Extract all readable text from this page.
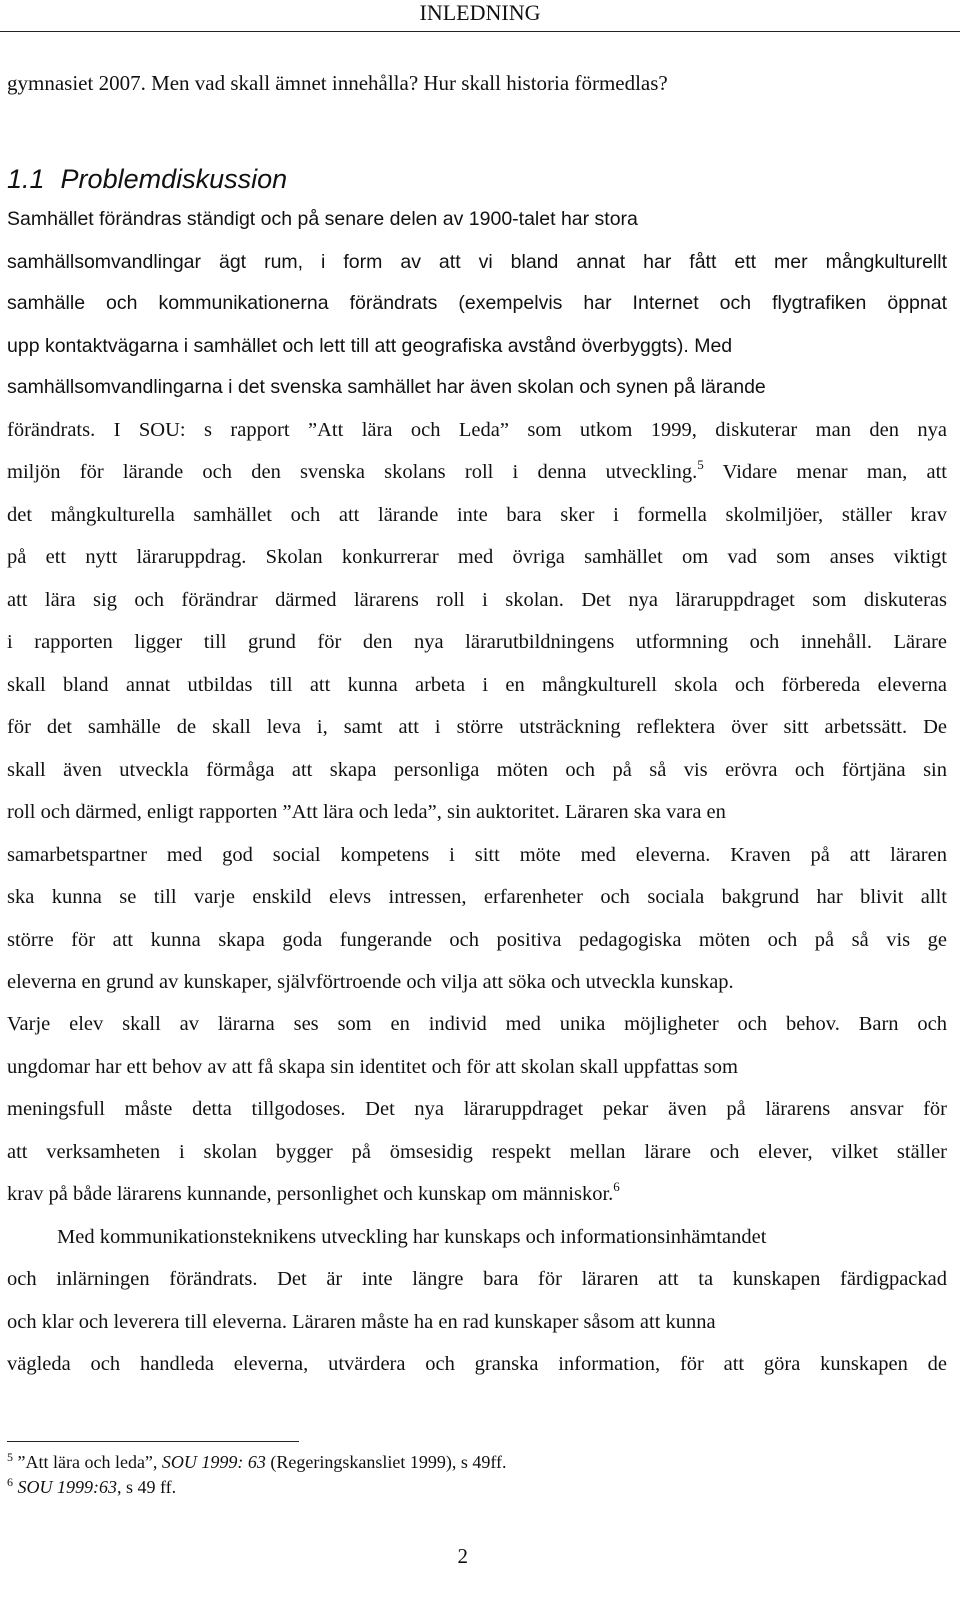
INLEDNING
gymnasiet 2007. Men vad skall ämnet innehålla? Hur skall historia förmedlas?
1.1 Problemdiskussion
Samhället förändras ständigt och på senare delen av 1900-talet har stora
samhällsomvandlingar ägt rum, i form av att vi bland annat har fått ett mer mångkulturellt
samhälle och kommunikationerna förändrats (exempelvis har Internet och flygtrafiken öppnat
upp kontaktvägarna i samhället och lett till att geografiska avstånd överbyggts). Med
samhällsomvandlingarna i det svenska samhället har även skolan och synen på lärande
förändrats. I SOU: s rapport ”Att lära och Leda” som utkom 1999, diskuterar man den nya
miljön för lärande och den svenska skolans roll i denna utveckling.$^5$ Vidare menar man, att
det mångkulturella samhället och att lärande inte bara sker i formella skolmiljöer, ställer krav
på ett nytt läraruppdrag. Skolan konkurrerar med övriga samhället om vad som anses viktigt
att lära sig och förändrar därmed lärarens roll i skolan. Det nya läraruppdraget som diskuteras
i rapporten ligger till grund för den nya lärarutbildningens utformning och innehåll. Lärare
skall bland annat utbildas till att kunna arbeta i en mångkulturell skola och förbereda eleverna
för det samhälle de skall leva i, samt att i större utsträckning reflektera över sitt arbetssätt. De
skall även utveckla förmåga att skapa personliga möten och på så vis erövra och förtjäna sin
roll och därmed, enligt rapporten ”Att lära och leda”, sin auktoritet. Läraren ska vara en
samarbetspartner med god social kompetens i sitt möte med eleverna. Kraven på att läraren
ska kunna se till varje enskild elevs intressen, erfarenheter och sociala bakgrund har blivit allt
större för att kunna skapa goda fungerande och positiva pedagogiska möten och på så vis ge
eleverna en grund av kunskaper, självförtroende och vilja att söka och utveckla kunskap.
Varje elev skall av lärarna ses som en individ med unika möjligheter och behov. Barn och
ungdomar har ett behov av att få skapa sin identitet och för att skolan skall uppfattas som
meningsfull måste detta tillgodoses. Det nya läraruppdraget pekar även på lärarens ansvar för
att verksamheten i skolan bygger på ömsesidig respekt mellan lärare och elever, vilket ställer
krav på både lärarens kunnande, personlighet och kunskap om människor.$^6$
Med kommunikationsteknikens utveckling har kunskaps och informationsinhämtandet
och inlärningen förändrats. Det är inte längre bara för läraren att ta kunskapen färdigpackad
och klar och leverera till eleverna. Läraren måste ha en rad kunskaper såsom att kunna
vägleda och handleda eleverna, utvärdera och granska information, för att göra kunskapen de
$^5$ ”Att lära och leda”, SOU 1999: 63 (Regeringskansliet 1999), s 49ff.
$^6$ SOU 1999:63, s 49 ff.
2
